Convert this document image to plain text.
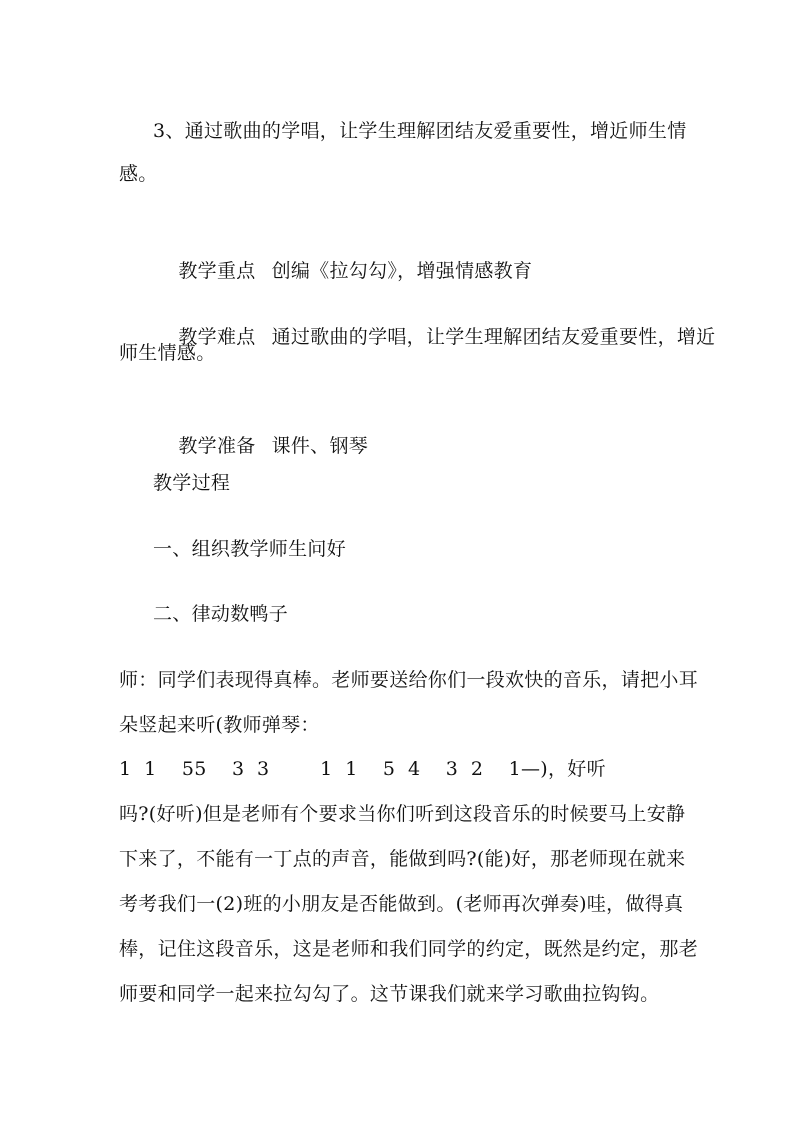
3、通过歌曲的学唱，让学生理解团结友爱重要性，增近师生情
感。

教学重点 创编《拉勾勾》，增强情感教育

教学难点 通过歌曲的学唱，让学生理解团结友爱重要性，增近

师生情感。

教学准备 课件、钢琴

教学过程
一、组织教学师生问好
二、律动数鸭子
师：同学们表现得真棒。老师要送给你们一段欢快的音乐，请把小耳
朵竖起来听(教师弹琴：
1  1    55    3  3        1  1    5  4    3  2    1—)，好听
吗?(好听)但是老师有个要求当你们听到这段音乐的时候要马上安静
下来了，不能有一丁点的声音，能做到吗?(能)好，那老师现在就来
考考我们一(2)班的小朋友是否能做到。(老师再次弹奏)哇，做得真
棒，记住这段音乐，这是老师和我们同学的约定，既然是约定，那老
师要和同学一起来拉勾勾了。这节课我们就来学习歌曲拉钩钩。
